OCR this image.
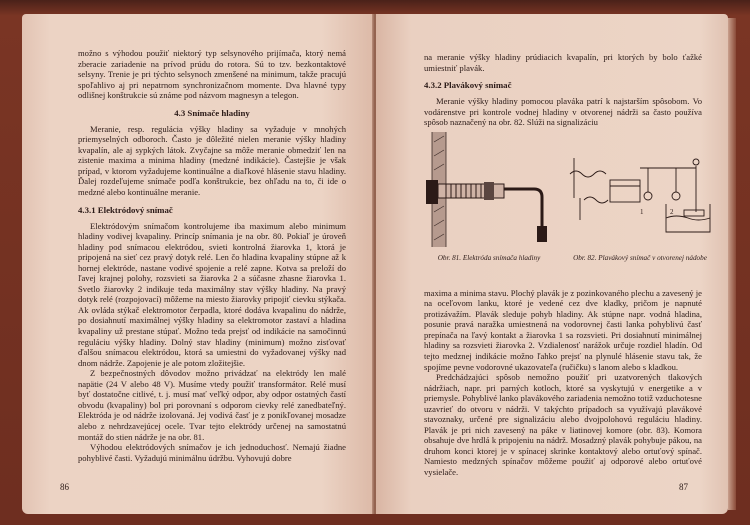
možno s výhodou použiť niektorý typ selsynového prijímača, ktorý nemá zberacie zariadenie na prívod prúdu do rotora. Sú to tzv. bezkontaktové selsyny. Trenie je pri týchto selsynoch zmenšené na minimum, takže pracujú spoľahlivo aj pri nepatrnom synchronizačnom momente. Dva hlavné typy odlišnej konštrukcie sú známe pod názvom magnesyn a telegon.

4.3 Snímače hladiny

Meranie, resp. regulácia výšky hladiny sa vyžaduje v mnohých priemyselných odboroch. Často je dôležité nielen meranie výšky hladiny kvapalín, ale aj sypkých látok. Zvyčajne sa môže meranie obmedziť len na zistenie maxima a minima hladiny (medzné indikácie). Častejšie je však prípad, v ktorom vyžadujeme kontinuálne a diaľkové hlásenie stavu hladiny. Ďalej rozdeľujeme snímače podľa konštrukcie, bez ohľadu na to, či ide o medzné alebo kontinuálne meranie.

4.3.1 Elektródový snímač

Elektródovým snímačom kontrolujeme iba maximum alebo minimum hladiny vodivej kvapaliny. Princíp snímania je na obr. 80. Pokiaľ je úroveň hladiny pod snímacou elektródou, svieti kontrolná žiarovka 1, ktorá je pripojená na sieť cez pravý dotyk relé. Len čo hladina kvapaliny stúpne až k hornej elektróde, nastane vodivé spojenie a relé zapne. Kotva sa preloží do ľavej krajnej polohy, rozsvieti sa žiarovka 2 a súčasne zhasne žiarovka 1. Svetlo žiarovky 2 indikuje teda maximálny stav výšky hladiny. Na pravý dotyk relé (rozpojovací) môžeme na miesto žiarovky pripojiť cievku stýkača. Ak ovláda stýkač elektromotor čerpadla, ktoré dodáva kvapalinu do nádrže, po dosiahnutí maximálnej výšky hladiny sa elektromotor zastaví a hladina kvapaliny už prestane stúpať. Možno teda prejsť od indikácie na samočinnú reguláciu výšky hladiny. Dolný stav hladiny (minimum) možno zisťovať ďalšou snímacou elektródou, ktorá sa umiestni do vyžadovanej výšky nad dnom nádrže. Zapojenie je ale potom zložitejšie.

Z bezpečnostných dôvodov možno privádzať na elektródy len malé napätie (24 V alebo 48 V). Musíme vtedy použiť transformátor. Relé musí byť dostatočne citlivé, t. j. musí mať veľký odpor, aby odpor ostatných častí obvodu (kvapaliny) bol pri porovnaní s odporom cievky relé zanedbateľný. Elektróda je od nádrže izolovaná. Jej vodivá časť je z ponikľovanej mosadze alebo z nehrdzavejúcej ocele. Tvar tejto elektródy určenej na samostatnú montáž do stien nádrže je na obr. 81.

Výhodou elektródových snímačov je ich jednoduchosť. Nemajú žiadne pohyblivé časti. Vyžadujú minimálnu údržbu. Vyhovujú dobre

86

na meranie výšky hladiny prúdiacich kvapalín, pri ktorých by bolo ťažké umiestniť plavák.

4.3.2 Plavákový snímač

Meranie výšky hladiny pomocou plaváka patrí k najstarším spôsobom. Vo vodárenstve pri kontrole vodnej hladiny v otvorenej nádrži sa často používa spôsob naznačený na obr. 82. Slúži na signalizáciu

1	2
Obr. 81. Elektróda snímača hladiny	Obr. 82. Plavákový snímač v otvorenej nádobe

maxima a minima stavu. Plochý plavák je z pozinkovaného plechu a zavesený je na oceľovom lanku, ktoré je vedené cez dve kladky, pričom je napnuté protizávažím. Plavák sleduje pohyb hladiny. Ak stúpne napr. vodná hladina, posunie pravá naražka umiestnená na vodorovnej časti lanka pohyblivú časť prepínača na ľavý kontakt a žiarovka 1 sa rozsvieti. Pri dosiahnutí minimálnej hladiny sa rozsvieti žiarovka 2. Vzdialenosť narážok určuje rozdiel hladín. Od tejto medznej indikácie možno ľahko prejsť na plynulé hlásenie stavu tak, že spojíme pevne vodorovné ukazovateľa (ručičku) s lanom alebo s kladkou.

Predchádzajúci spôsob nemožno použiť pri uzatvorených tlakových nádržiach, napr. pri parných kotloch, ktoré sa vyskytujú v energetike a v priemysle. Pohyblivé lanko plavákového zariadenia nemožno totiž vzduchotesne uzavrieť do otvoru v nádrži. V takýchto prípadoch sa využívajú plavákové stavoznaky, určené pre signalizáciu alebo dvojpolohovú reguláciu hladiny. Plavák je pri nich zavesený na páke v liatinovej komore (obr. 83). Komora obsahuje dve hrdlá k pripojeniu na nádrž. Mosadzný plavák pohybuje pákou, na druhom konci ktorej je v spínacej skrinke kontaktový alebo ortuťový spínač. Namiesto medzných spínačov môžeme použiť aj odporové alebo ortuťové vysielače.

87
